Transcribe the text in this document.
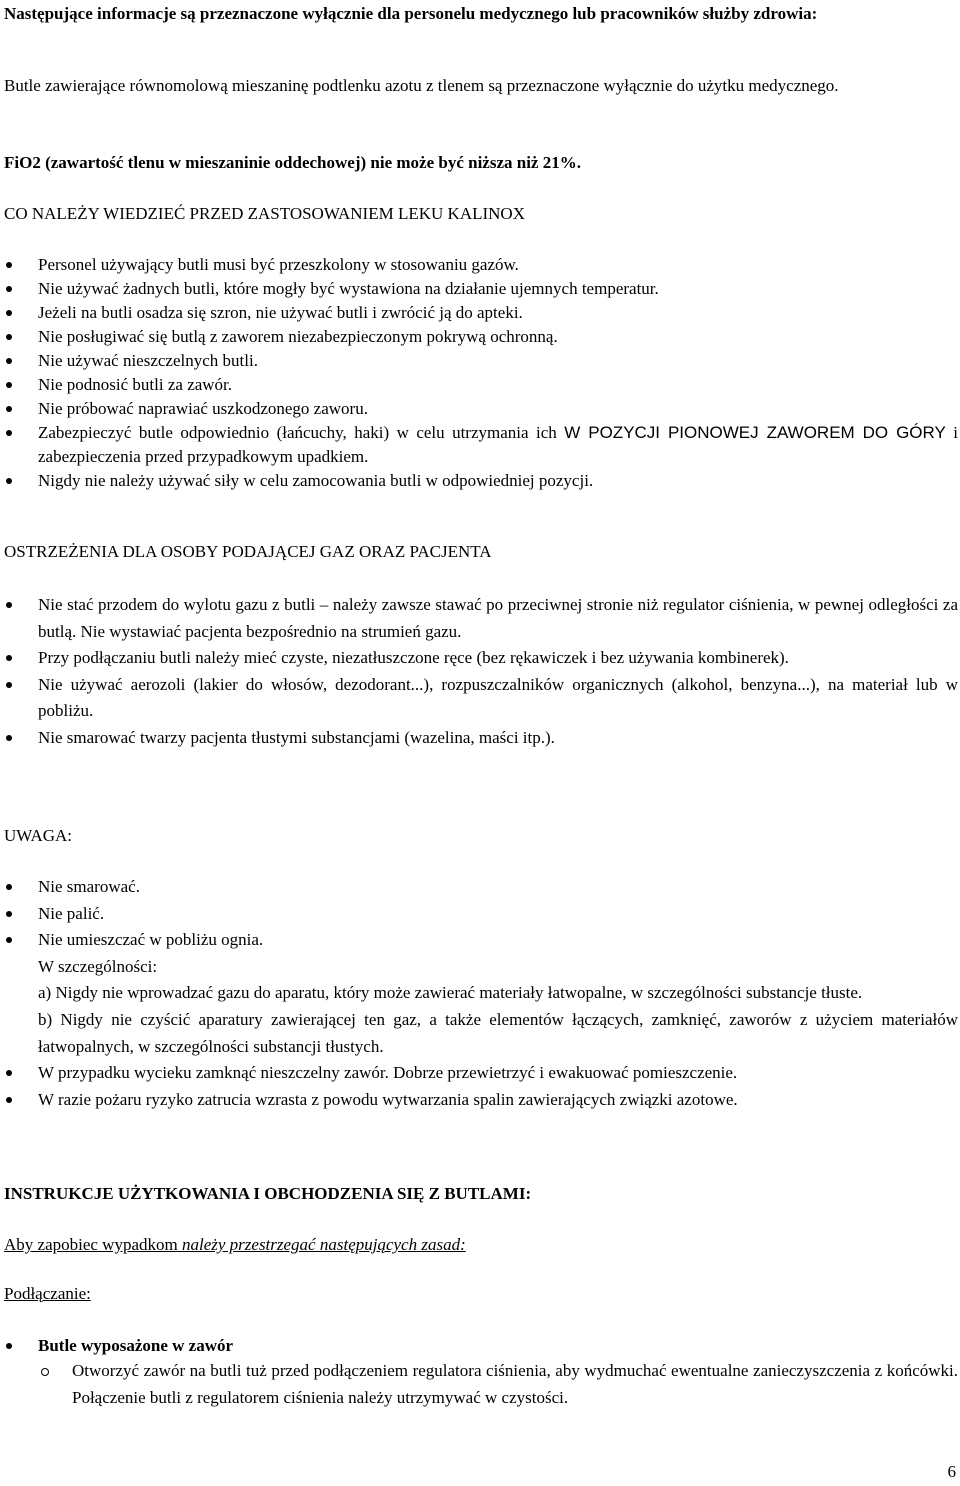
Następujące informacje są przeznaczone wyłącznie dla personelu medycznego lub pracowników służby zdrowia:

Butle zawierające równomolową mieszaninę podtlenku azotu z tlenem są przeznaczone wyłącznie do użytku medycznego.

FiO2 (zawartość tlenu w mieszaninie oddechowej) nie może być niższa niż 21%.

CO NALEŻY WIEDZIEĆ PRZED ZASTOSOWANIEM LEKU KALINOX

Personel używający butli musi być przeszkolony w stosowaniu gazów.
Nie używać żadnych butli, które mogły być wystawiona na działanie ujemnych temperatur.
Jeżeli na butli osadza się szron, nie używać butli i zwrócić ją do apteki.
Nie posługiwać się butlą z zaworem niezabezpieczonym pokrywą ochronną.
Nie używać nieszczelnych butli.
Nie podnosić butli za zawór.
Nie próbować naprawiać uszkodzonego zaworu.
Zabezpieczyć butle odpowiednio (łańcuchy, haki) w celu utrzymania ich W POZYCJI PIONOWEJ ZAWOREM DO GÓRY i zabezpieczenia przed przypadkowym upadkiem.
Nigdy nie należy używać siły w celu zamocowania butli w odpowiedniej pozycji.

OSTRZEŻENIA DLA OSOBY PODAJĄCEJ GAZ ORAZ PACJENTA

Nie stać przodem do wylotu gazu z butli – należy zawsze stawać po przeciwnej stronie niż regulator ciśnienia, w pewnej odległości za butlą. Nie wystawiać pacjenta bezpośrednio na strumień gazu.
Przy podłączaniu butli należy mieć czyste, niezatłuszczone ręce (bez rękawiczek i bez używania kombinerek).
Nie używać aerozoli (lakier do włosów, dezodorant...), rozpuszczalników organicznych (alkohol, benzyna...), na materiał lub w pobliżu.
Nie smarować twarzy pacjenta tłustymi substancjami (wazelina, maści itp.).

UWAGA:

Nie smarować.
Nie palić.
Nie umieszczać w pobliżu ognia.
W szczególności:
a) Nigdy nie wprowadzać gazu do aparatu, który może zawierać materiały łatwopalne, w szczególności substancje tłuste.
b) Nigdy nie czyścić aparatury zawierającej ten gaz, a także elementów łączących, zamknięć, zaworów z użyciem materiałów łatwopalnych, w szczególności substancji tłustych.
W przypadku wycieku zamknąć nieszczelny zawór. Dobrze przewietrzyć i ewakuować pomieszczenie.
W razie pożaru ryzyko zatrucia wzrasta z powodu wytwarzania spalin zawierających związki azotowe.

INSTRUKCJE UŻYTKOWANIA I OBCHODZENIA SIĘ Z BUTLAMI:

Aby zapobiec wypadkom należy przestrzegać następujących zasad:

Podłączanie:

Butle wyposażone w zawór
Otworzyć zawór na butli tuż przed podłączeniem regulatora ciśnienia, aby wydmuchać ewentualne zanieczyszczenia z końcówki. Połączenie butli z regulatorem ciśnienia należy utrzymywać w czystości.
6
